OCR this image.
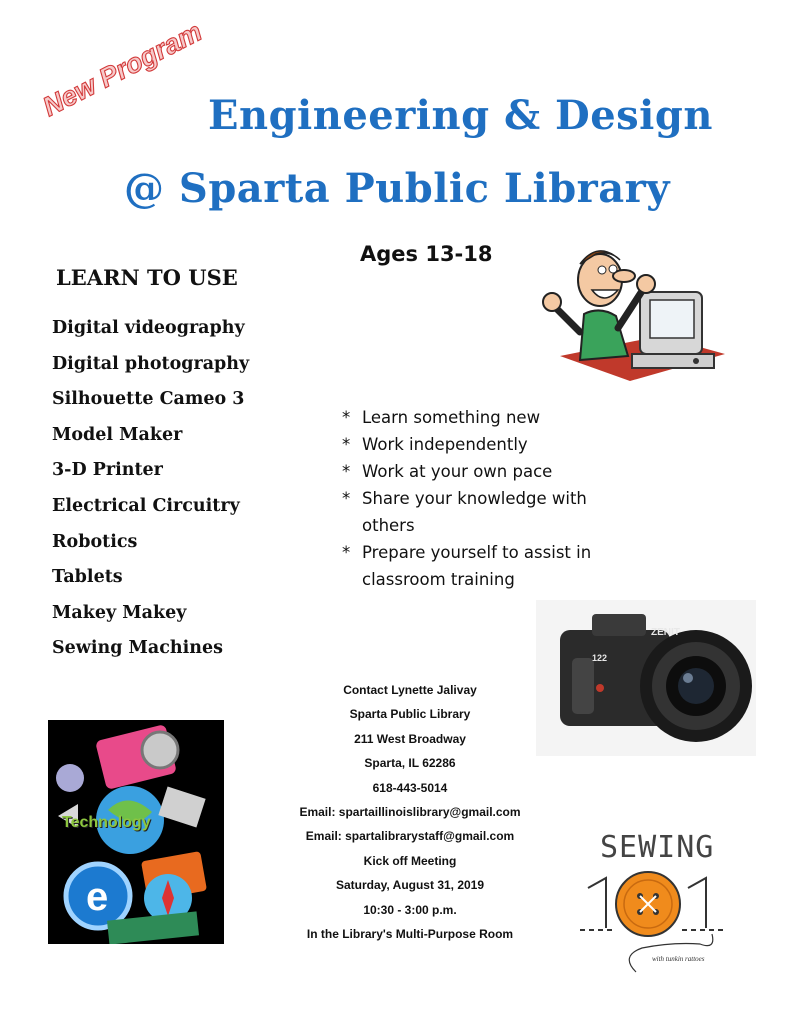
New Program Engineering & Design
@ Sparta Public Library
Ages 13-18
LEARN TO USE
Digital videography
Digital photography
Silhouette Cameo 3
Model Maker
3-D Printer
Electrical Circuitry
Robotics
Tablets
Makey Makey
Sewing Machines
* Learn something new
* Work independently
* Work at your own pace
* Share your knowledge with others
* Prepare yourself to assist in classroom training
ZENIT
122
Contact Lynette Jalivay
Sparta Public Library
211 West Broadway
Sparta, IL 62286
618-443-5014
Email: spartaillinoislibrary@gmail.com
Email: spartalibrarystaff@gmail.com
Kick off Meeting
Saturday, August 31, 2019
10:30 - 3:00 p.m.
In the Library's Multi-Purpose Room
e
Technology
SEWING
with tunkin rattoes
